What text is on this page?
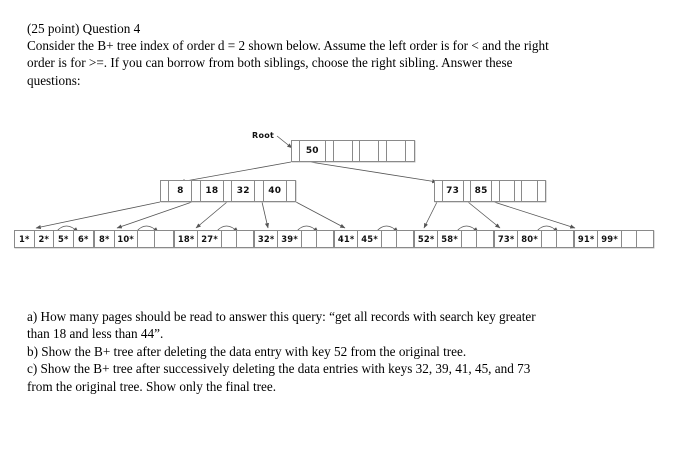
(25 point) Question 4
Consider the B+ tree index of order d = 2 shown below. Assume the left order is for < and the right
order is for >=. If you can borrow from both siblings, choose the right sibling. Answer these
questions:
Root
50
8	18	32	40	73	85
1*	2*	5*	6*	8* 10*	18* 27*	32* 39*	41* 45*	52* 58*	73* 80*	91* 99*
a) How many pages should be read to answer this query: “get all records with search key greater
than 18 and less than 44”.
b) Show the B+ tree after deleting the data entry with key 52 from the original tree.
c) Show the B+ tree after successively deleting the data entries with keys 32, 39, 41, 45, and 73
from the original tree. Show only the final tree.
